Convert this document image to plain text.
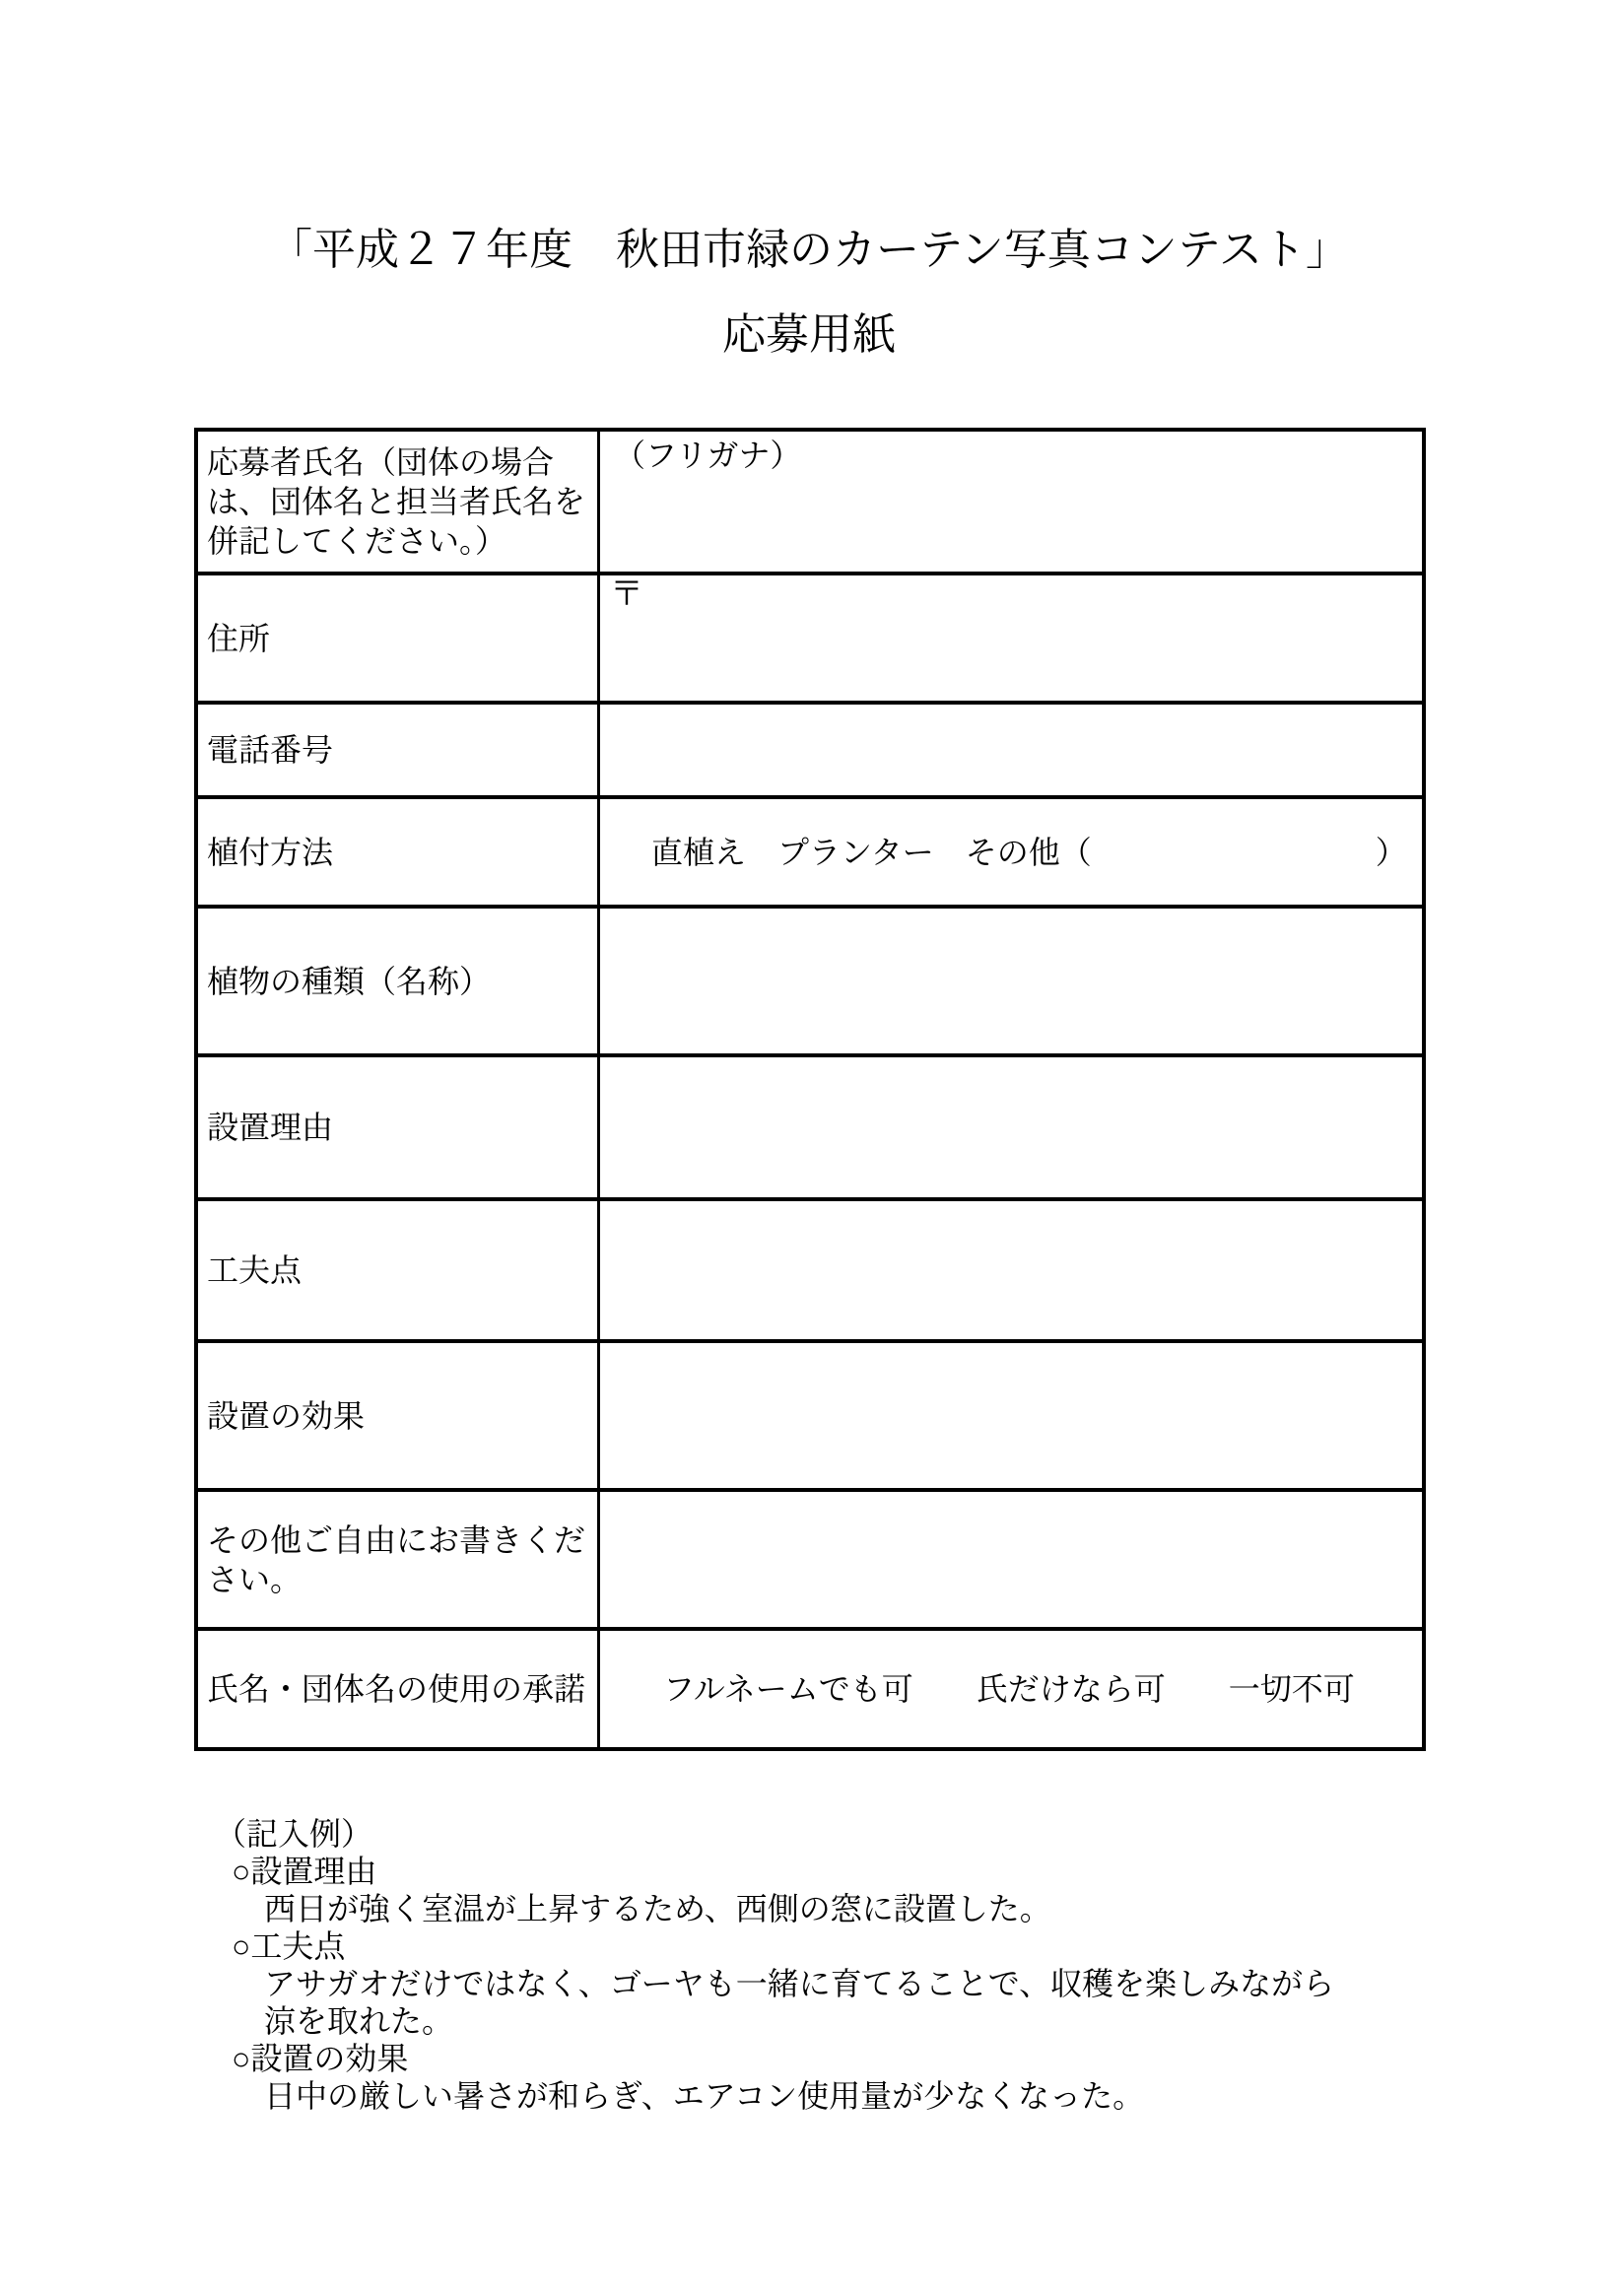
「平成２７年度　秋田市緑のカーテン写真コンテスト」
応募用紙
応募者氏名（団体の場合は、団体名と担当者氏名を併記してください。）	（フリガナ）
住所	〒
電話番号	
植付方法	直植え　プランター　その他（　　　　　　　　　）
植物の種類（名称）	
設置理由	
工夫点	
設置の効果	
その他ご自由にお書きください。	
氏名・団体名の使用の承諾	フルネームでも可　　氏だけなら可　　一切不可
（記入例）
○設置理由
西日が強く室温が上昇するため、西側の窓に設置した。
○工夫点
アサガオだけではなく、ゴーヤも一緒に育てることで、収穫を楽しみながら
涼を取れた。
○設置の効果
日中の厳しい暑さが和らぎ、エアコン使用量が少なくなった。
